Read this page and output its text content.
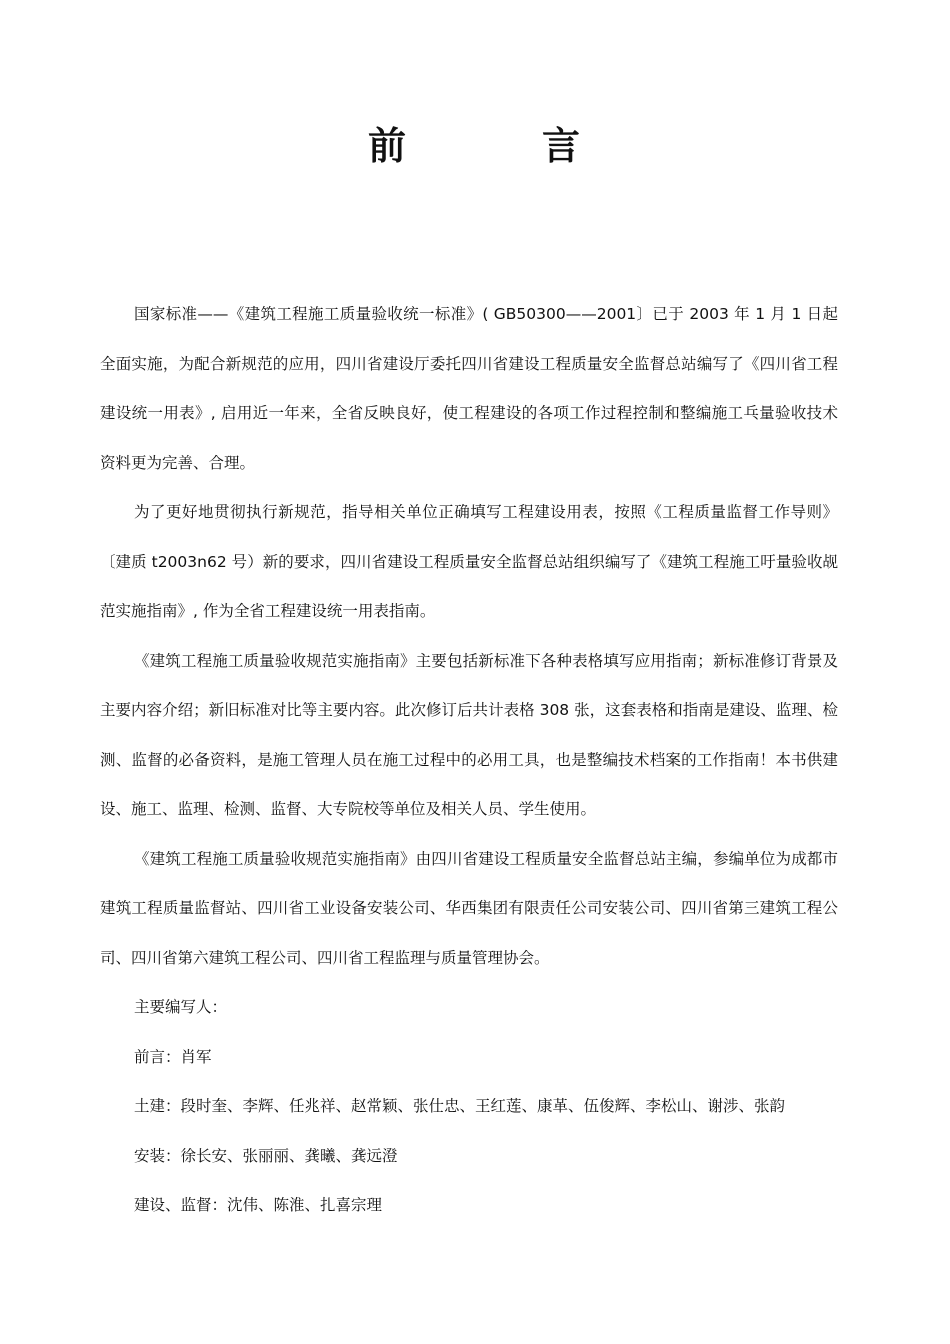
前	言

国家标准——《建筑工程施工质量验收统一标准》( GB50300——2001〕已于 2003 年 1 月 1 日起全面实施，为配合新规范的应用，四川省建设厅委托四川省建设工程质量安全监督总站编写了《四川省工程建设统一用表》, 启用近一年来，全省反映良好，使工程建设的各项工作过程控制和整编施工乓量验收技术资料更为完善、合理。

为了更好地贯彻执行新规范，指导相关单位正确填写工程建设用表，按照《工程质量监督工作导则》〔建质 t2003n62 号）新的要求，四川省建设工程质量安全监督总站组织编写了《建筑工程施工吁量验收觇范实施指南》, 作为全省工程建设统一用表指南。

《建筑工程施工质量验收规范实施指南》主要包括新标准下各种表格填写应用指南；新标准修订背景及主要内容介绍；新旧标准对比等主要内容。此次修订后共计表格 308 张，这套表格和指南是建设、监理、检测、监督的必备资料，是施工管理人员在施工过程中的必用工具，也是整编技术档案的工作指南！本书供建设、施工、监理、检测、监督、大专院校等单位及相关人员、学生使用。

《建筑工程施工质量验收规范实施指南》由四川省建设工程质量安全监督总站主编，参编单位为成都市建筑工程质量监督站、四川省工业设备安装公司、华西集团有限责任公司安装公司、四川省第三建筑工程公司、四川省第六建筑工程公司、四川省工程监理与质量管理协会。

主要编写人：

前言：肖军

土建：段时奎、李辉、任兆祥、赵常颖、张仕忠、王红莲、康革、伍俊辉、李松山、谢涉、张韵

安装：徐长安、张丽丽、龚曦、龚远澄

建设、监督：沈伟、陈淮、扎喜宗理
